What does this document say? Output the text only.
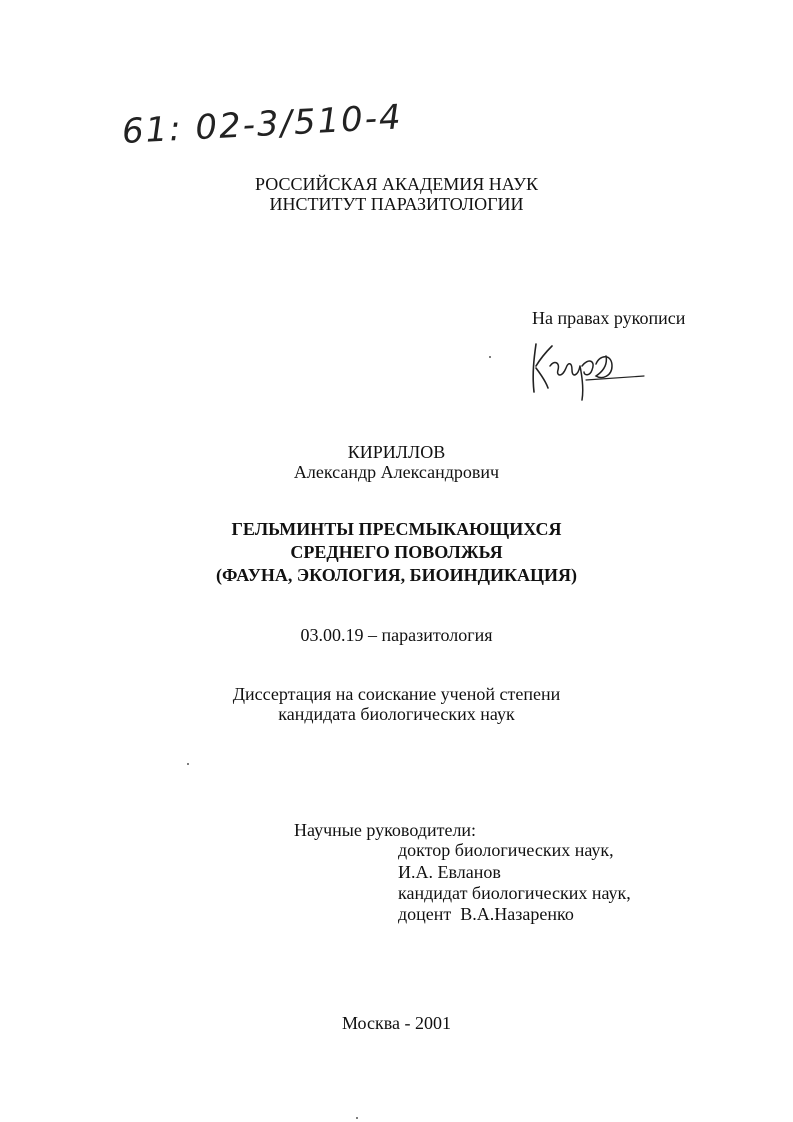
61: 02-3/510-4
РОССИЙСКАЯ АКАДЕМИЯ НАУК
ИНСТИТУТ ПАРАЗИТОЛОГИИ
На правах рукописи
КИРИЛЛОВ
Александр Александрович
ГЕЛЬМИНТЫ ПРЕСМЫКАЮЩИХСЯ
СРЕДНЕГО ПОВОЛЖЬЯ
(ФАУНА, ЭКОЛОГИЯ, БИОИНДИКАЦИЯ)
03.00.19 – паразитология
Диссертация на соискание ученой степени
кандидата биологических наук
Научные руководители:
доктор биологических наук,
И.А. Евланов
кандидат биологических наук,
доцент  В.А.Назаренко
Москва - 2001
